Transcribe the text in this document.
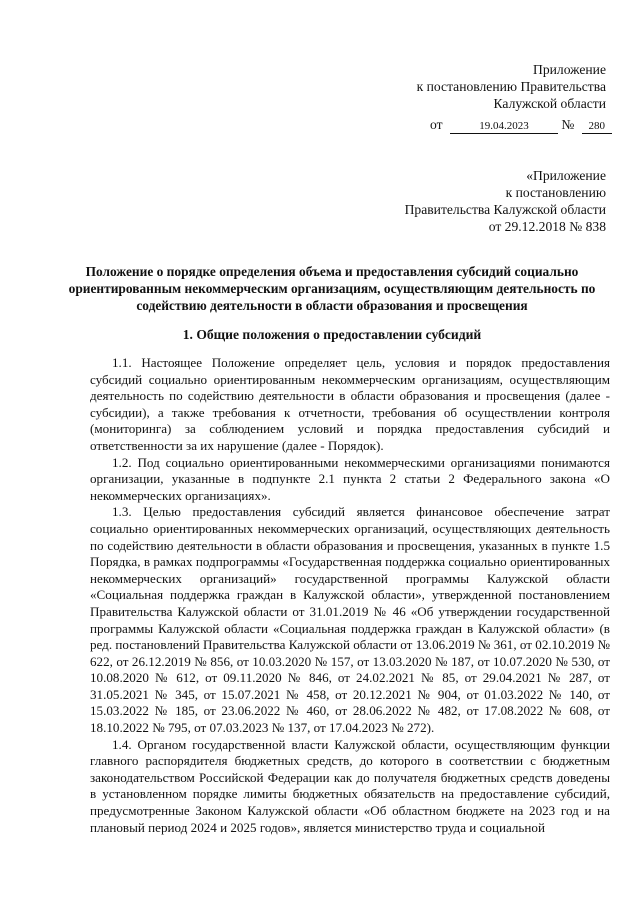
Приложение
к постановлению Правительства
Калужской области
от	19.04.2023 № 280
«Приложение
к постановлению
Правительства Калужской области
от 29.12.2018 № 838
Положение о порядке определения объема и предоставления субсидий социально ориентированным некоммерческим организациям, осуществляющим деятельность по содействию деятельности в области образования и просвещения
1. Общие положения о предоставлении субсидий

1.1. Настоящее Положение определяет цель, условия и порядок предоставления субсидий социально ориентированным некоммерческим организациям, осуществляющим деятельность по содействию деятельности в области образования и просвещения (далее - субсидии), а также требования к отчетности, требования об осуществлении контроля (мониторинга) за соблюдением условий и порядка предоставления субсидий и ответственности за их нарушение (далее - Порядок).

1.2. Под социально ориентированными некоммерческими организациями понимаются организации, указанные в подпункте 2.1 пункта 2 статьи 2 Федерального закона «О некоммерческих организациях».

1.3. Целью предоставления субсидий является финансовое обеспечение затрат социально ориентированных некоммерческих организаций, осуществляющих деятельность по содействию деятельности в области образования и просвещения, указанных в пункте 1.5 Порядка, в рамках подпрограммы «Государственная поддержка социально ориентированных некоммерческих организаций» государственной программы Калужской области «Социальная поддержка граждан в Калужской области», утвержденной постановлением Правительства Калужской области от 31.01.2019 № 46 «Об утверждении государственной программы Калужской области «Социальная поддержка граждан в Калужской области» (в ред. постановлений Правительства Калужской области от 13.06.2019 № 361, от 02.10.2019 № 622, от 26.12.2019 № 856, от 10.03.2020 № 157, от 13.03.2020 № 187, от 10.07.2020 № 530, от 10.08.2020 № 612, от 09.11.2020 № 846, от 24.02.2021 № 85, от 29.04.2021 № 287, от 31.05.2021 № 345, от 15.07.2021 № 458, от 20.12.2021 № 904, от 01.03.2022 № 140, от 15.03.2022 № 185, от 23.06.2022 № 460, от 28.06.2022 № 482, от 17.08.2022 № 608, от 18.10.2022 № 795, от 07.03.2023 № 137, от 17.04.2023 № 272).

1.4. Органом государственной власти Калужской области, осуществляющим функции главного распорядителя бюджетных средств, до которого в соответствии с бюджетным законодательством Российской Федерации как до получателя бюджетных средств доведены в установленном порядке лимиты бюджетных обязательств на предоставление субсидий, предусмотренные Законом Калужской области «Об областном бюджете на 2023 год и на плановый период 2024 и 2025 годов», является министерство труда и социальной
